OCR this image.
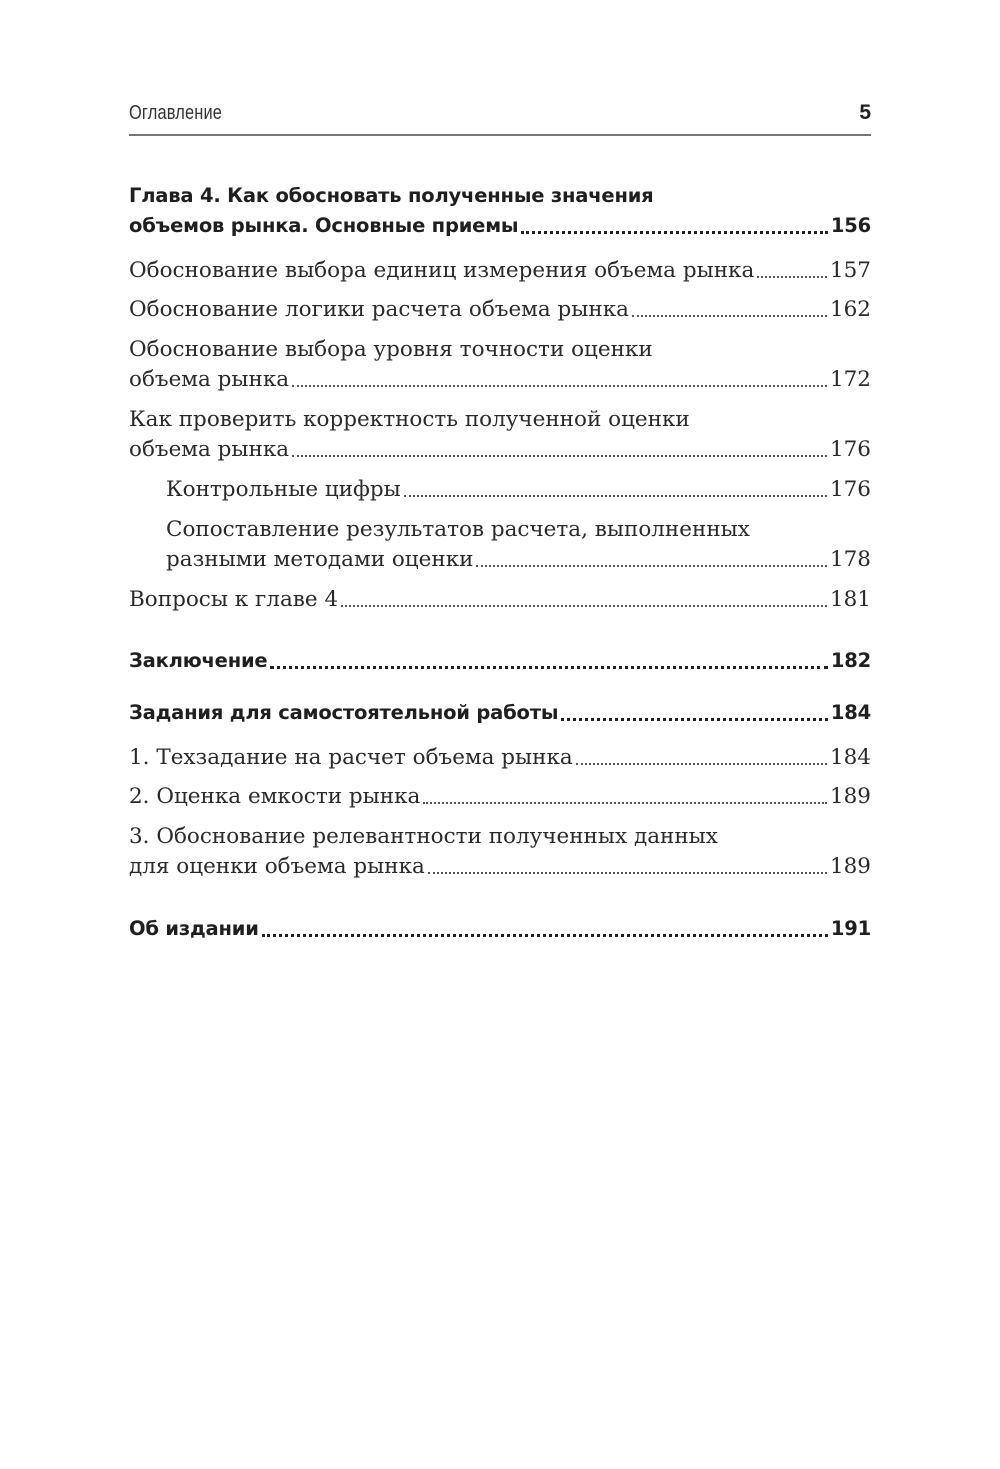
Оглавление	5
Глава 4. Как обосновать полученные значения
объемов рынка. Основные приемы	156
Обоснование выбора единиц измерения объема рынка	157
Обоснование логики расчета объема рынка	162
Обоснование выбора уровня точности оценки
объема рынка	172
Как проверить корректность полученной оценки
объема рынка	176
Контрольные цифры	176
Сопоставление результатов расчета, выполненных
разными методами оценки	178
Вопросы к главе 4	181
Заключение	182
Задания для самостоятельной работы	184
1. Техзадание на расчет объема рынка	184
2. Оценка емкости рынка	189
3. Обоснование релевантности полученных данных
для оценки объема рынка	189
Об издании	191
